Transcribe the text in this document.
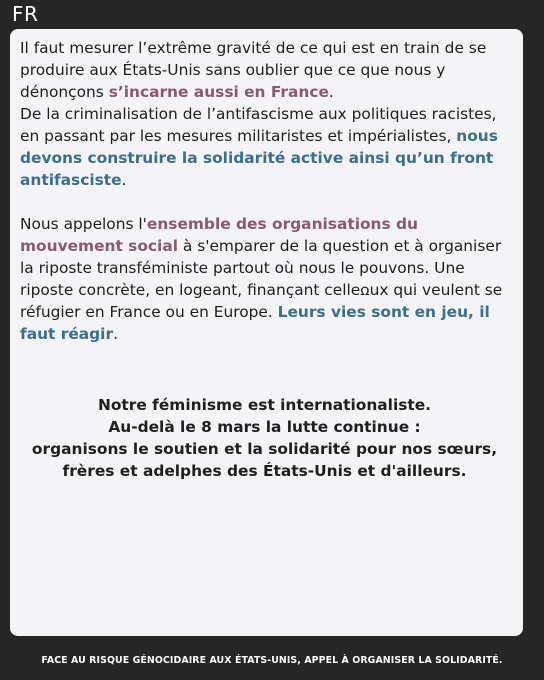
FR

Il faut mesurer l’extrême gravité de ce qui est en train de se produire aux États-Unis sans oublier que ce que nous y dénonçons s’incarne aussi en France.
De la criminalisation de l’antifascisme aux politiques racistes, en passant par les mesures militaristes et impérialistes, nous devons construire la solidarité active ainsi qu’un front antifasciste.

Nous appelons l'ensemble des organisations du mouvement social à s'emparer de la question et à organiser la riposte transféministe partout où nous le pouvons. Une riposte concrète, en logeant, finançant celleꭥux qui veulent se réfugier en France ou en Europe. Leurs vies sont en jeu, il faut réagir.

Notre féminisme est internationaliste.
Au-delà le 8 mars la lutte continue :
organisons le soutien et la solidarité pour nos sœurs,
frères et adelphes des États-Unis et d'ailleurs.

FACE AU RISQUE GÉNOCIDAIRE AUX ÉTATS-UNIS, APPEL À ORGANISER LA SOLIDARITÉ.
